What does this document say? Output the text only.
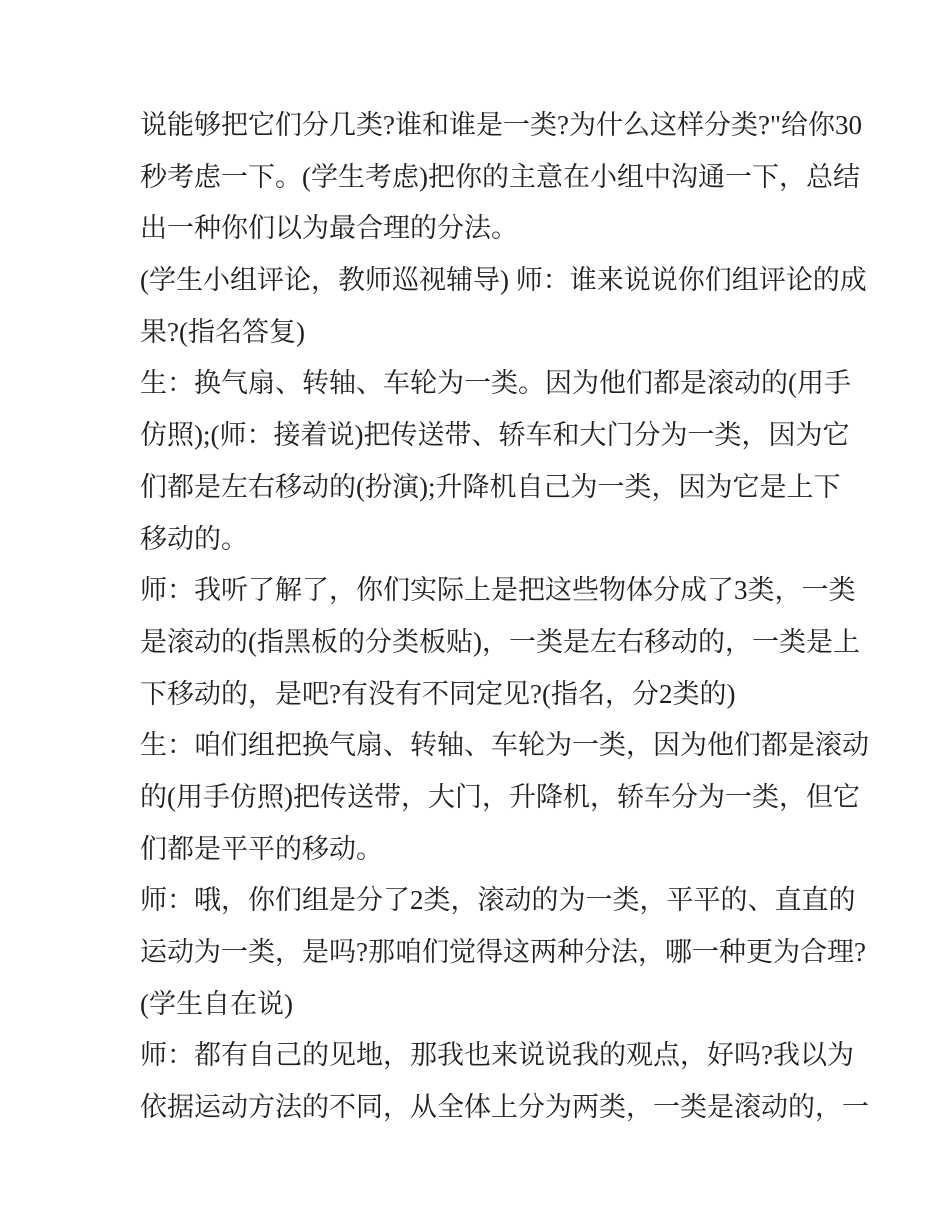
说能够把它们分几类?谁和谁是一类?为什么这样分类?"给你30
秒考虑一下。(学生考虑)把你的主意在小组中沟通一下，总结
出一种你们以为最合理的分法。
(学生小组评论，教师巡视辅导) 师：谁来说说你们组评论的成
果?(指名答复)
生：换气扇、转轴、车轮为一类。因为他们都是滚动的(用手
仿照);(师：接着说)把传送带、轿车和大门分为一类，因为它
们都是左右移动的(扮演);升降机自己为一类，因为它是上下
移动的。
师：我听了解了，你们实际上是把这些物体分成了3类，一类
是滚动的(指黑板的分类板贴)，一类是左右移动的，一类是上
下移动的，是吧?有没有不同定见?(指名，分2类的)
生：咱们组把换气扇、转轴、车轮为一类，因为他们都是滚动
的(用手仿照)把传送带，大门，升降机，轿车分为一类，但它
们都是平平的移动。
师：哦，你们组是分了2类，滚动的为一类，平平的、直直的
运动为一类，是吗?那咱们觉得这两种分法，哪一种更为合理?
(学生自在说)
师：都有自己的见地，那我也来说说我的观点，好吗?我以为
依据运动方法的不同，从全体上分为两类，一类是滚动的，一
